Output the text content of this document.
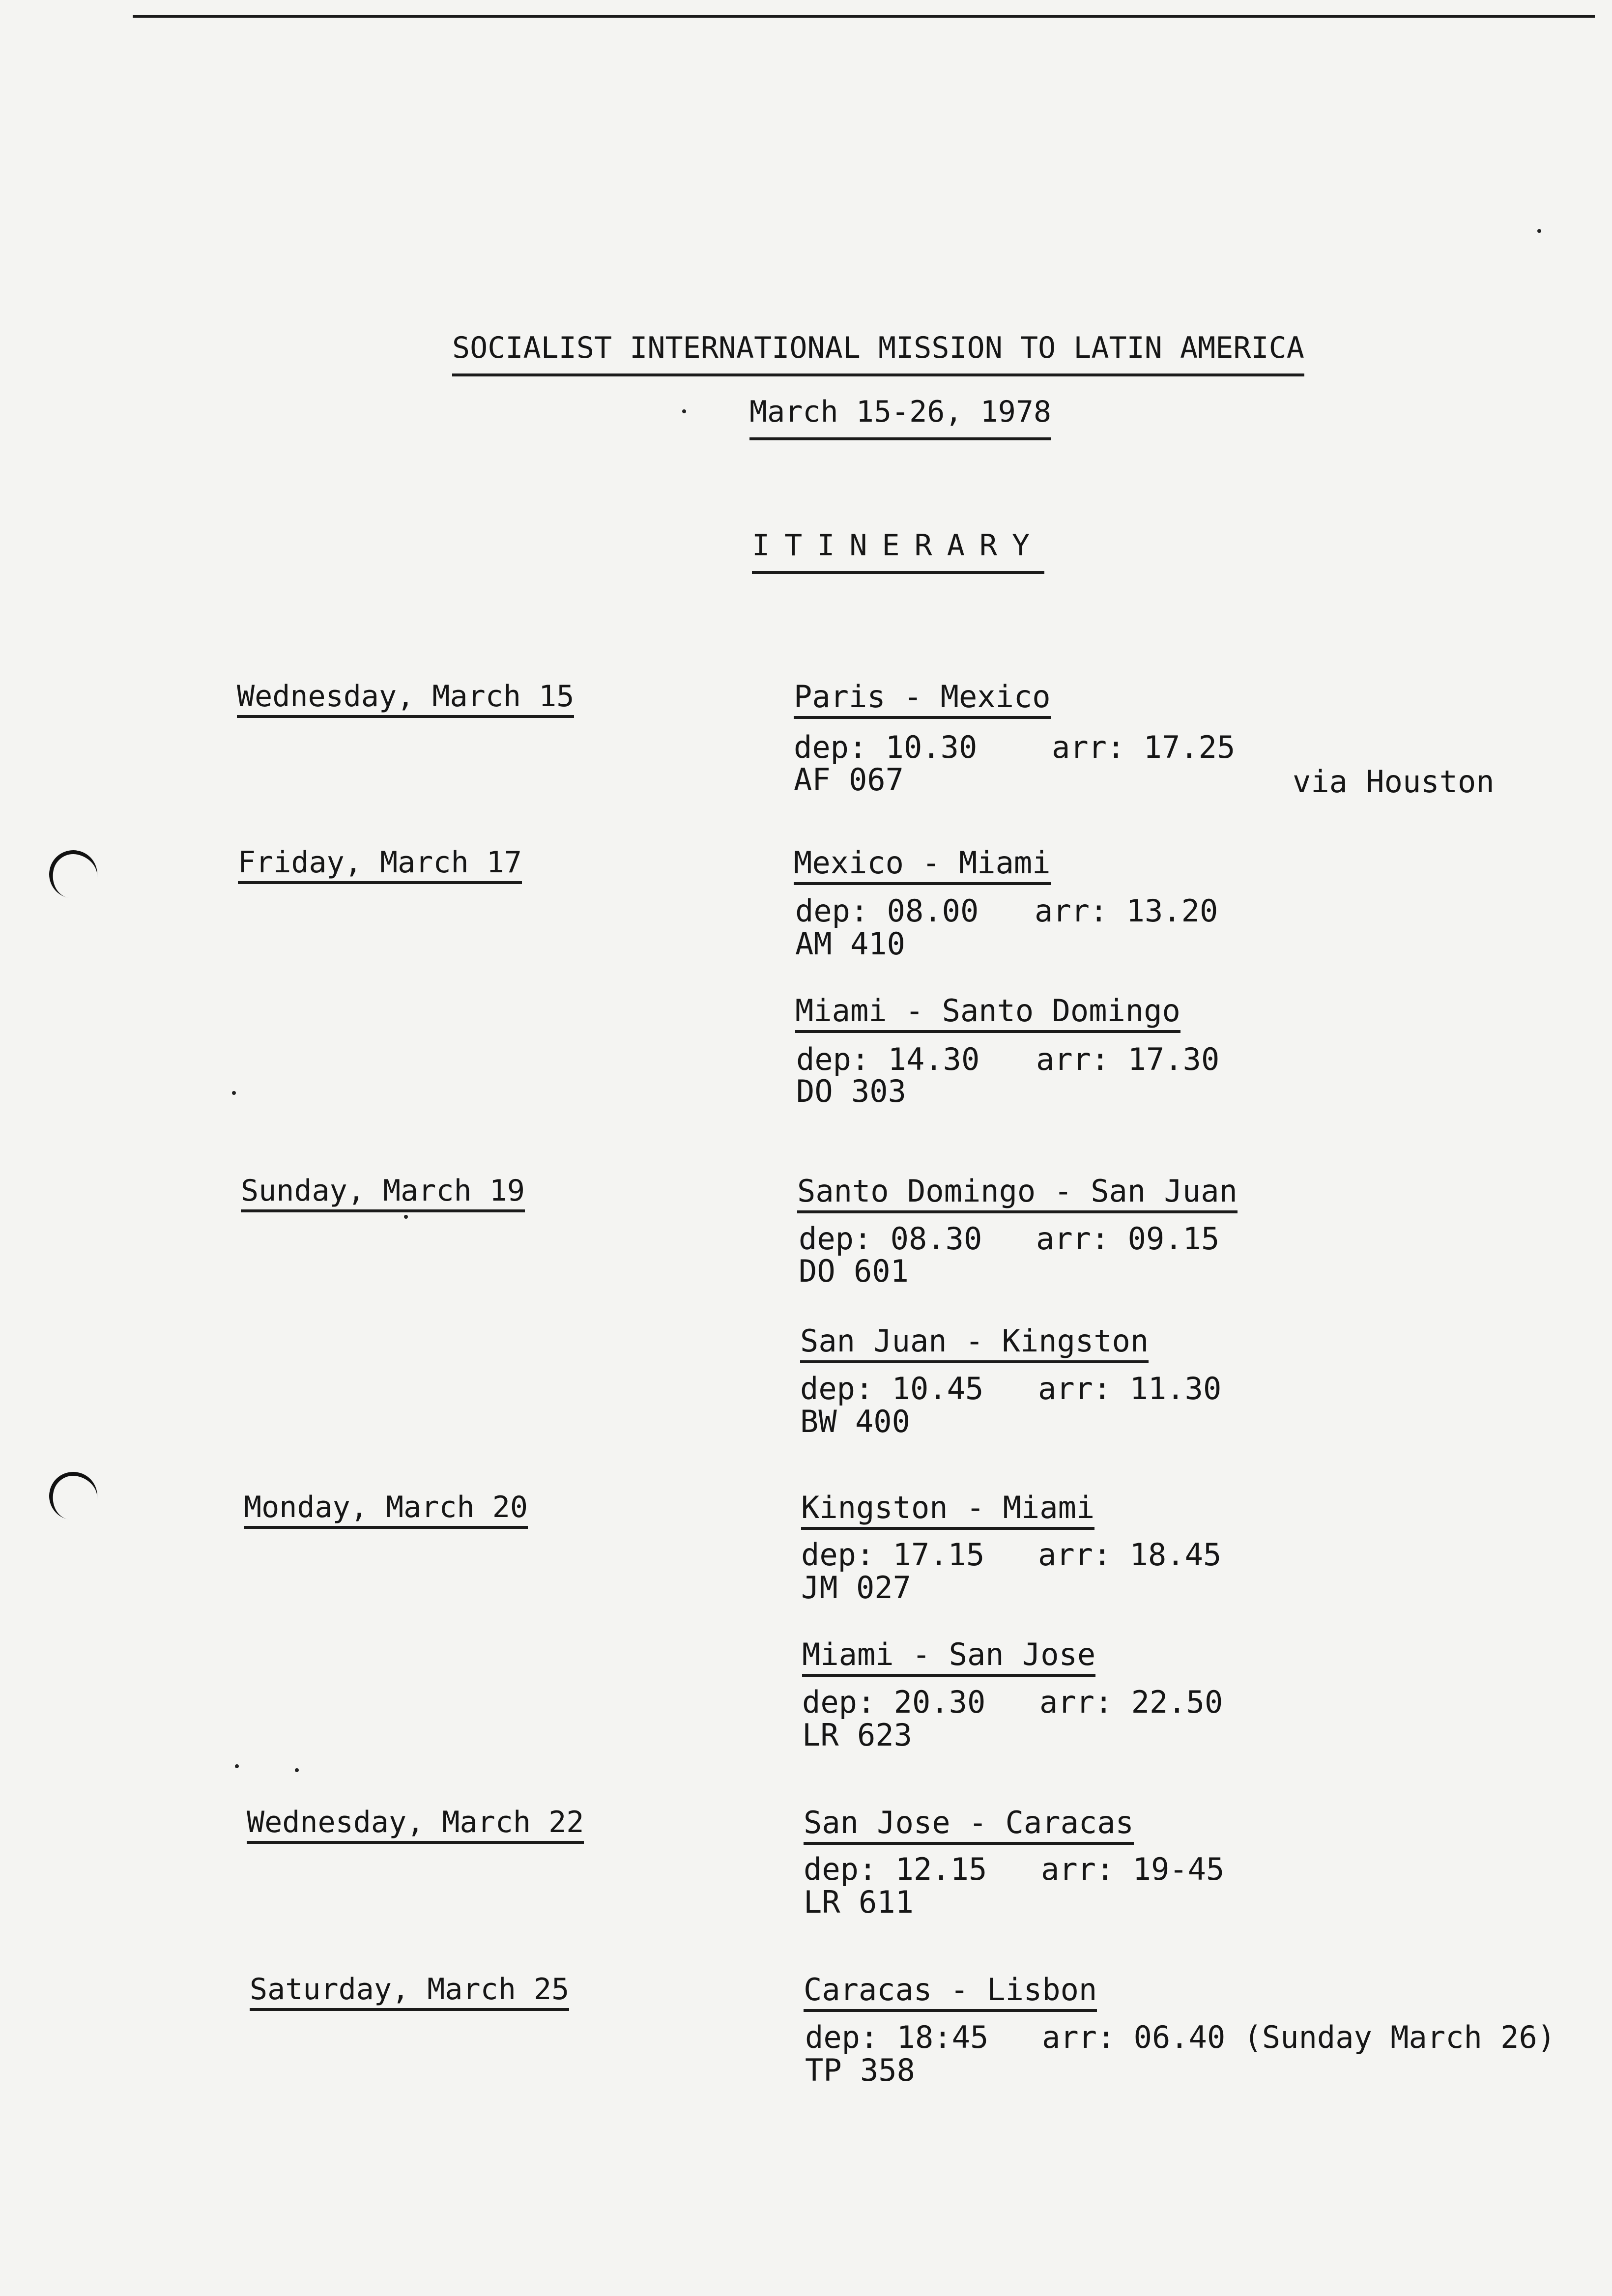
SOCIALIST INTERNATIONAL MISSION TO LATIN AMERICA
March 15-26, 1978
ITINERARY
Wednesday, March 15
Friday, March 17
Sunday, March 19
Monday, March 20
Wednesday, March 22
Saturday, March 25
Paris - Mexico
dep: 10.30 arr: 17.25
AF 067	via Houston
Mexico - Miami
dep: 08.00 arr: 13.20
AM 410
Miami - Santo Domingo
dep: 14.30 arr: 17.30
DO 303
Santo Domingo - San Juan
dep: 08.30 arr: 09.15
DO 601
San Juan - Kingston
dep: 10.45 arr: 11.30
BW 400
Kingston - Miami
dep: 17.15 arr: 18.45
JM 027
Miami - San Jose
dep: 20.30 arr: 22.50
LR 623
San Jose - Caracas
dep: 12.15 arr: 19-45
LR 611
Caracas - Lisbon
dep: 18:45 arr: 06.40 (Sunday March 26)
TP 358
